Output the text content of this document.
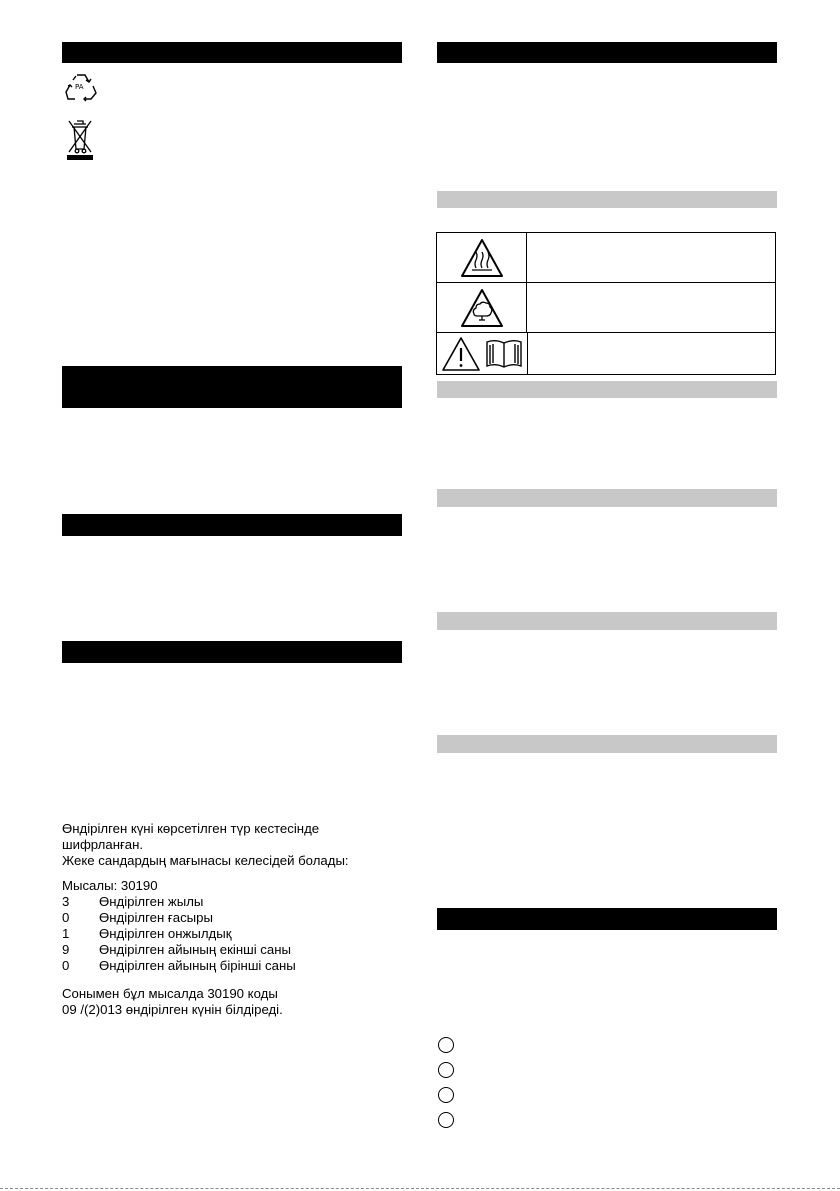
PA
Өндірілген күні көрсетілген түр кестесінде
шифрланған.
Жеке сандардың мағынасы келесідей болады:
Мысалы: 30190
3 Өндірілген жылы
0 Өндірілген ғасыры
1 Өндірілген онжылдық
9 Өндірілген айының екінші саны
0 Өндірілген айының бірінші саны
Сонымен бұл мысалда 30190 коды
09 /(2)013 өндірілген күнін білдіреді.
